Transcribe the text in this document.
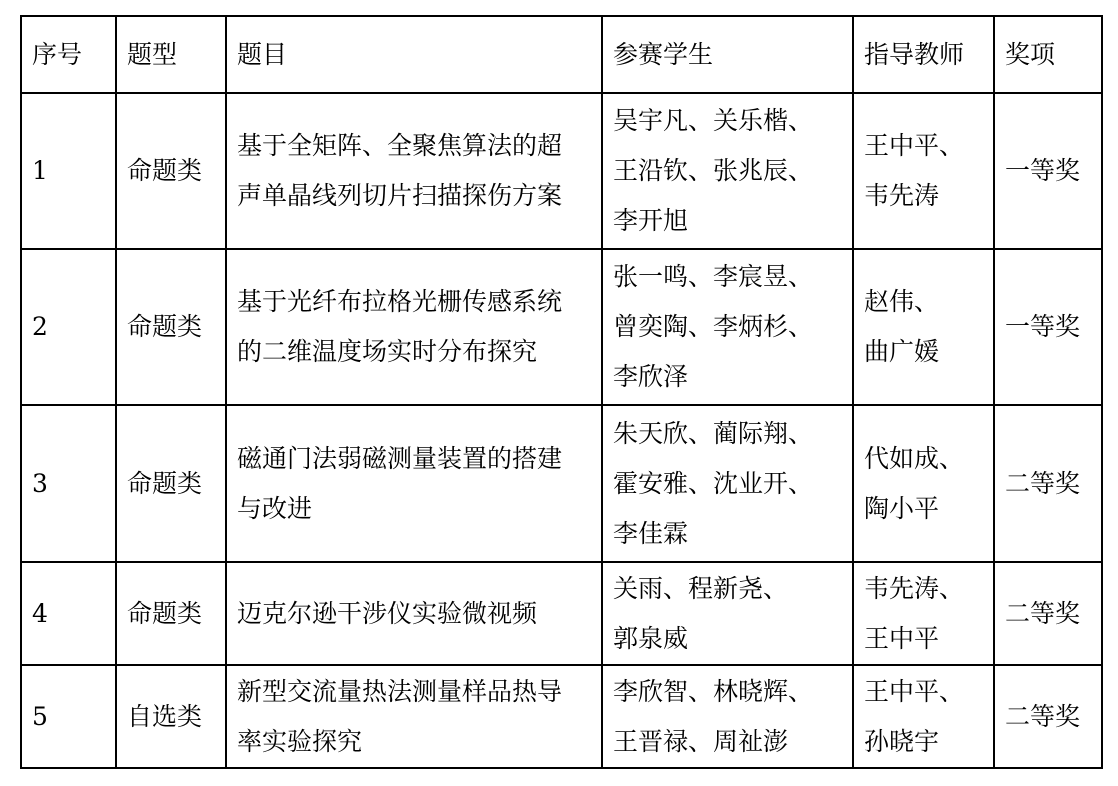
序号	题型	题目	参赛学生	指导教师	奖项
1	命题类	基于全矩阵、全聚焦算法的超
声单晶线列切片扫描探伤方案	吴宇凡、关乐楷、
王沿钦、张兆辰、
李开旭	王中平、
韦先涛	一等奖
2	命题类	基于光纤布拉格光栅传感系统
的二维温度场实时分布探究	张一鸣、李宸昱、
曾奕陶、李炳杉、
李欣泽	赵伟、
曲广媛	一等奖
3	命题类	磁通门法弱磁测量装置的搭建
与改进	朱天欣、蔺际翔、
霍安雅、沈业开、
李佳霖	代如成、
陶小平	二等奖
4	命题类	迈克尔逊干涉仪实验微视频	关雨、程新尧、
郭泉威	韦先涛、
王中平	二等奖
5	自选类	新型交流量热法测量样品热导
率实验探究	李欣智、林晓辉、
王晋禄、周祉澎	王中平、
孙晓宇	二等奖
